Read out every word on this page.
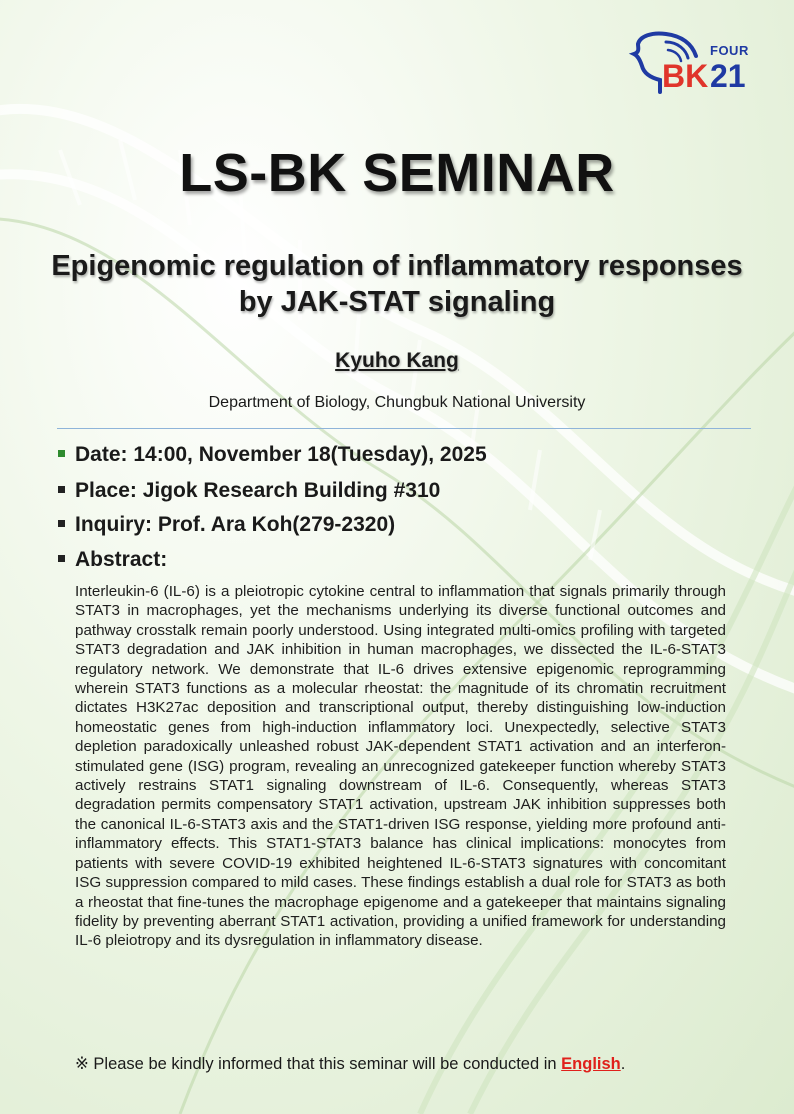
FOUR
BK 21
LS-BK SEMINAR
Epigenomic regulation of inflammatory responses
by JAK-STAT signaling
Kyuho Kang
Department of Biology, Chungbuk National University
Date: 14:00, November 18(Tuesday), 2025
Place: Jigok Research Building #310
Inquiry: Prof. Ara Koh(279-2320)
Abstract:
Interleukin-6 (IL-6) is a pleiotropic cytokine central to inflammation that signals primarily through STAT3 in macrophages, yet the mechanisms underlying its diverse functional outcomes and pathway crosstalk remain poorly understood. Using integrated multi-omics profiling with targeted STAT3 degradation and JAK inhibition in human macrophages, we dissected the IL-6-STAT3 regulatory network. We demonstrate that IL-6 drives extensive epigenomic reprogramming wherein STAT3 functions as a molecular rheostat: the magnitude of its chromatin recruitment dictates H3K27ac deposition and transcriptional output, thereby distinguishing low-induction homeostatic genes from high-induction inflammatory loci. Unexpectedly, selective STAT3 depletion paradoxically unleashed robust JAK-dependent STAT1 activation and an interferon-stimulated gene (ISG) program, revealing an unrecognized gatekeeper function whereby STAT3 actively restrains STAT1 signaling downstream of IL-6. Consequently, whereas STAT3 degradation permits compensatory STAT1 activation, upstream JAK inhibition suppresses both the canonical IL-6-STAT3 axis and the STAT1-driven ISG response, yielding more profound anti-inflammatory effects. This STAT1-STAT3 balance has clinical implications: monocytes from patients with severe COVID-19 exhibited heightened IL-6-STAT3 signatures with concomitant ISG suppression compared to mild cases. These findings establish a dual role for STAT3 as both a rheostat that fine-tunes the macrophage epigenome and a gatekeeper that maintains signaling fidelity by preventing aberrant STAT1 activation, providing a unified framework for understanding IL-6 pleiotropy and its dysregulation in inflammatory disease.
※ Please be kindly informed that this seminar will be conducted in English.
